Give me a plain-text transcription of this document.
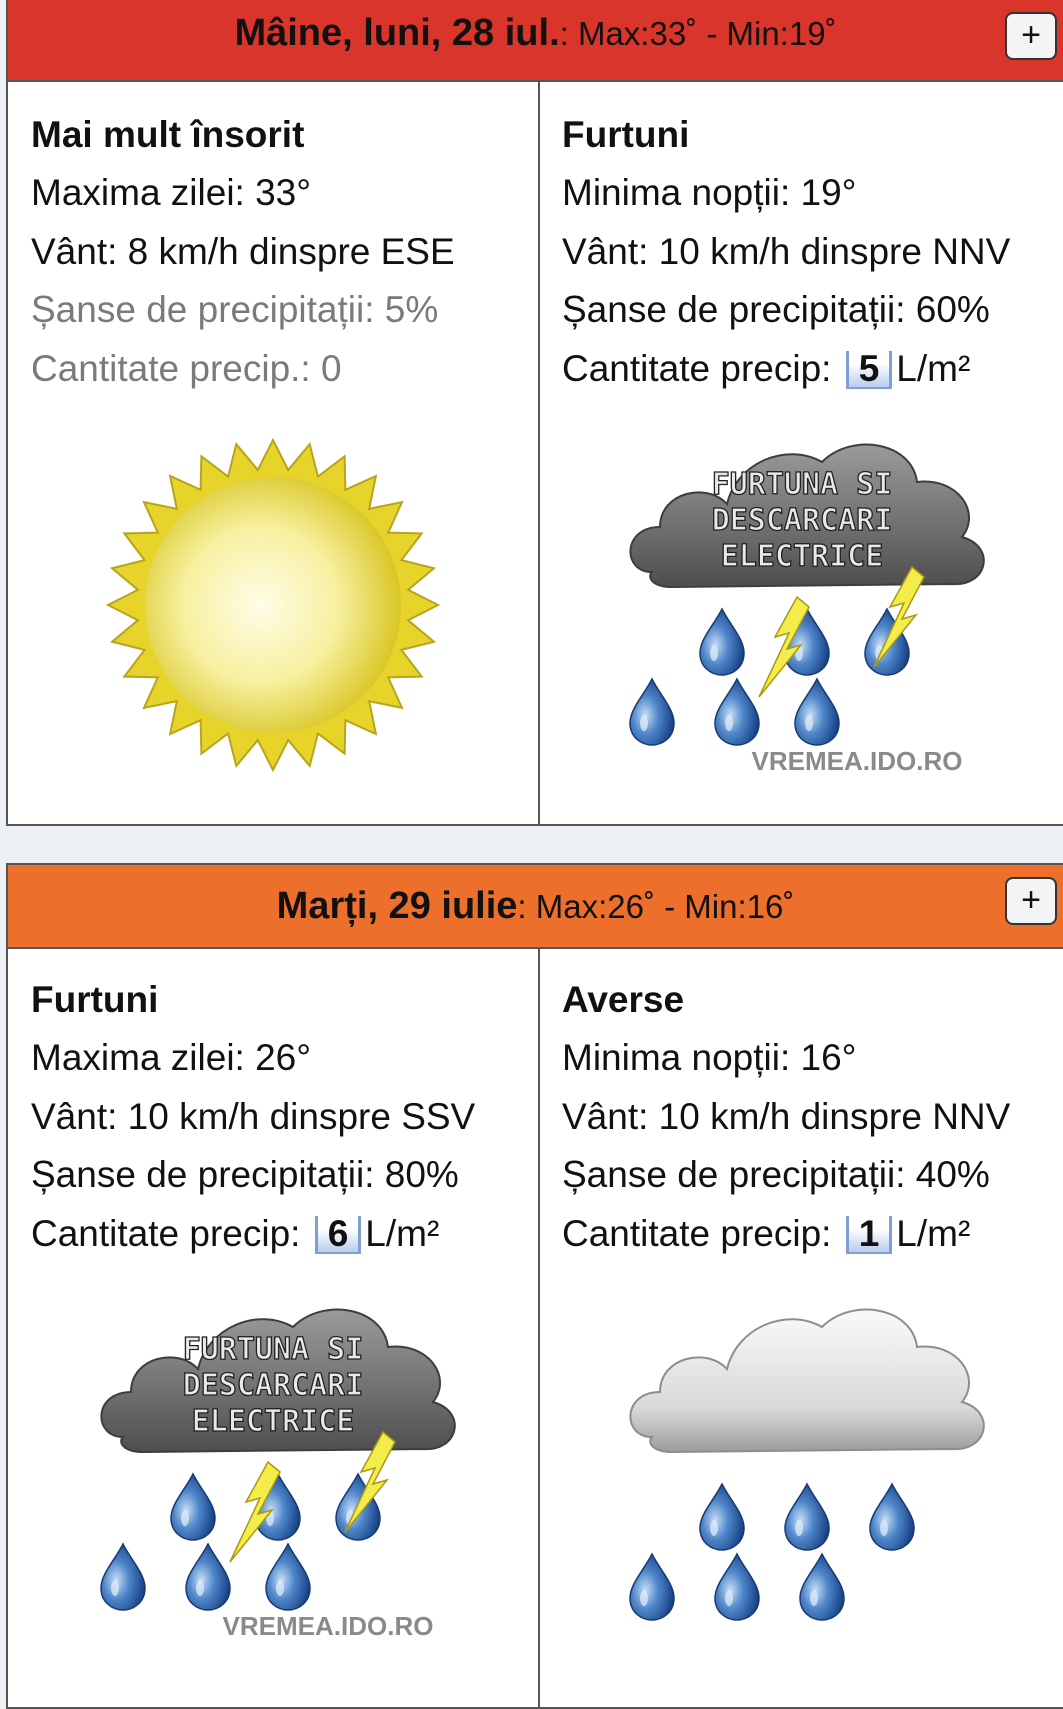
Mâine, luni, 28 iul.: Max:33˚ - Min:19˚	+
Mai mult însorit
Maxima zilei: 33°
Vânt: 8 km/h dinspre ESE
Șanse de precipitații: 5%
Cantitate precip.: 0
Furtuni
Minima nopții: 19°
Vânt: 10 km/h dinspre NNV
Șanse de precipitații: 60%
Cantitate precip: 5 L/m²
FURTUNA SI
DESCARCARI
ELECTRICE
VREMEA.IDO.RO
Marți, 29 iulie: Max:26˚ - Min:16˚	+
Furtuni
Maxima zilei: 26°
Vânt: 10 km/h dinspre SSV
Șanse de precipitații: 80%
Cantitate precip: 6 L/m²
FURTUNA SI
DESCARCARI
ELECTRICE
VREMEA.IDO.RO
Averse
Minima nopții: 16°
Vânt: 10 km/h dinspre NNV
Șanse de precipitații: 40%
Cantitate precip: 1 L/m²
